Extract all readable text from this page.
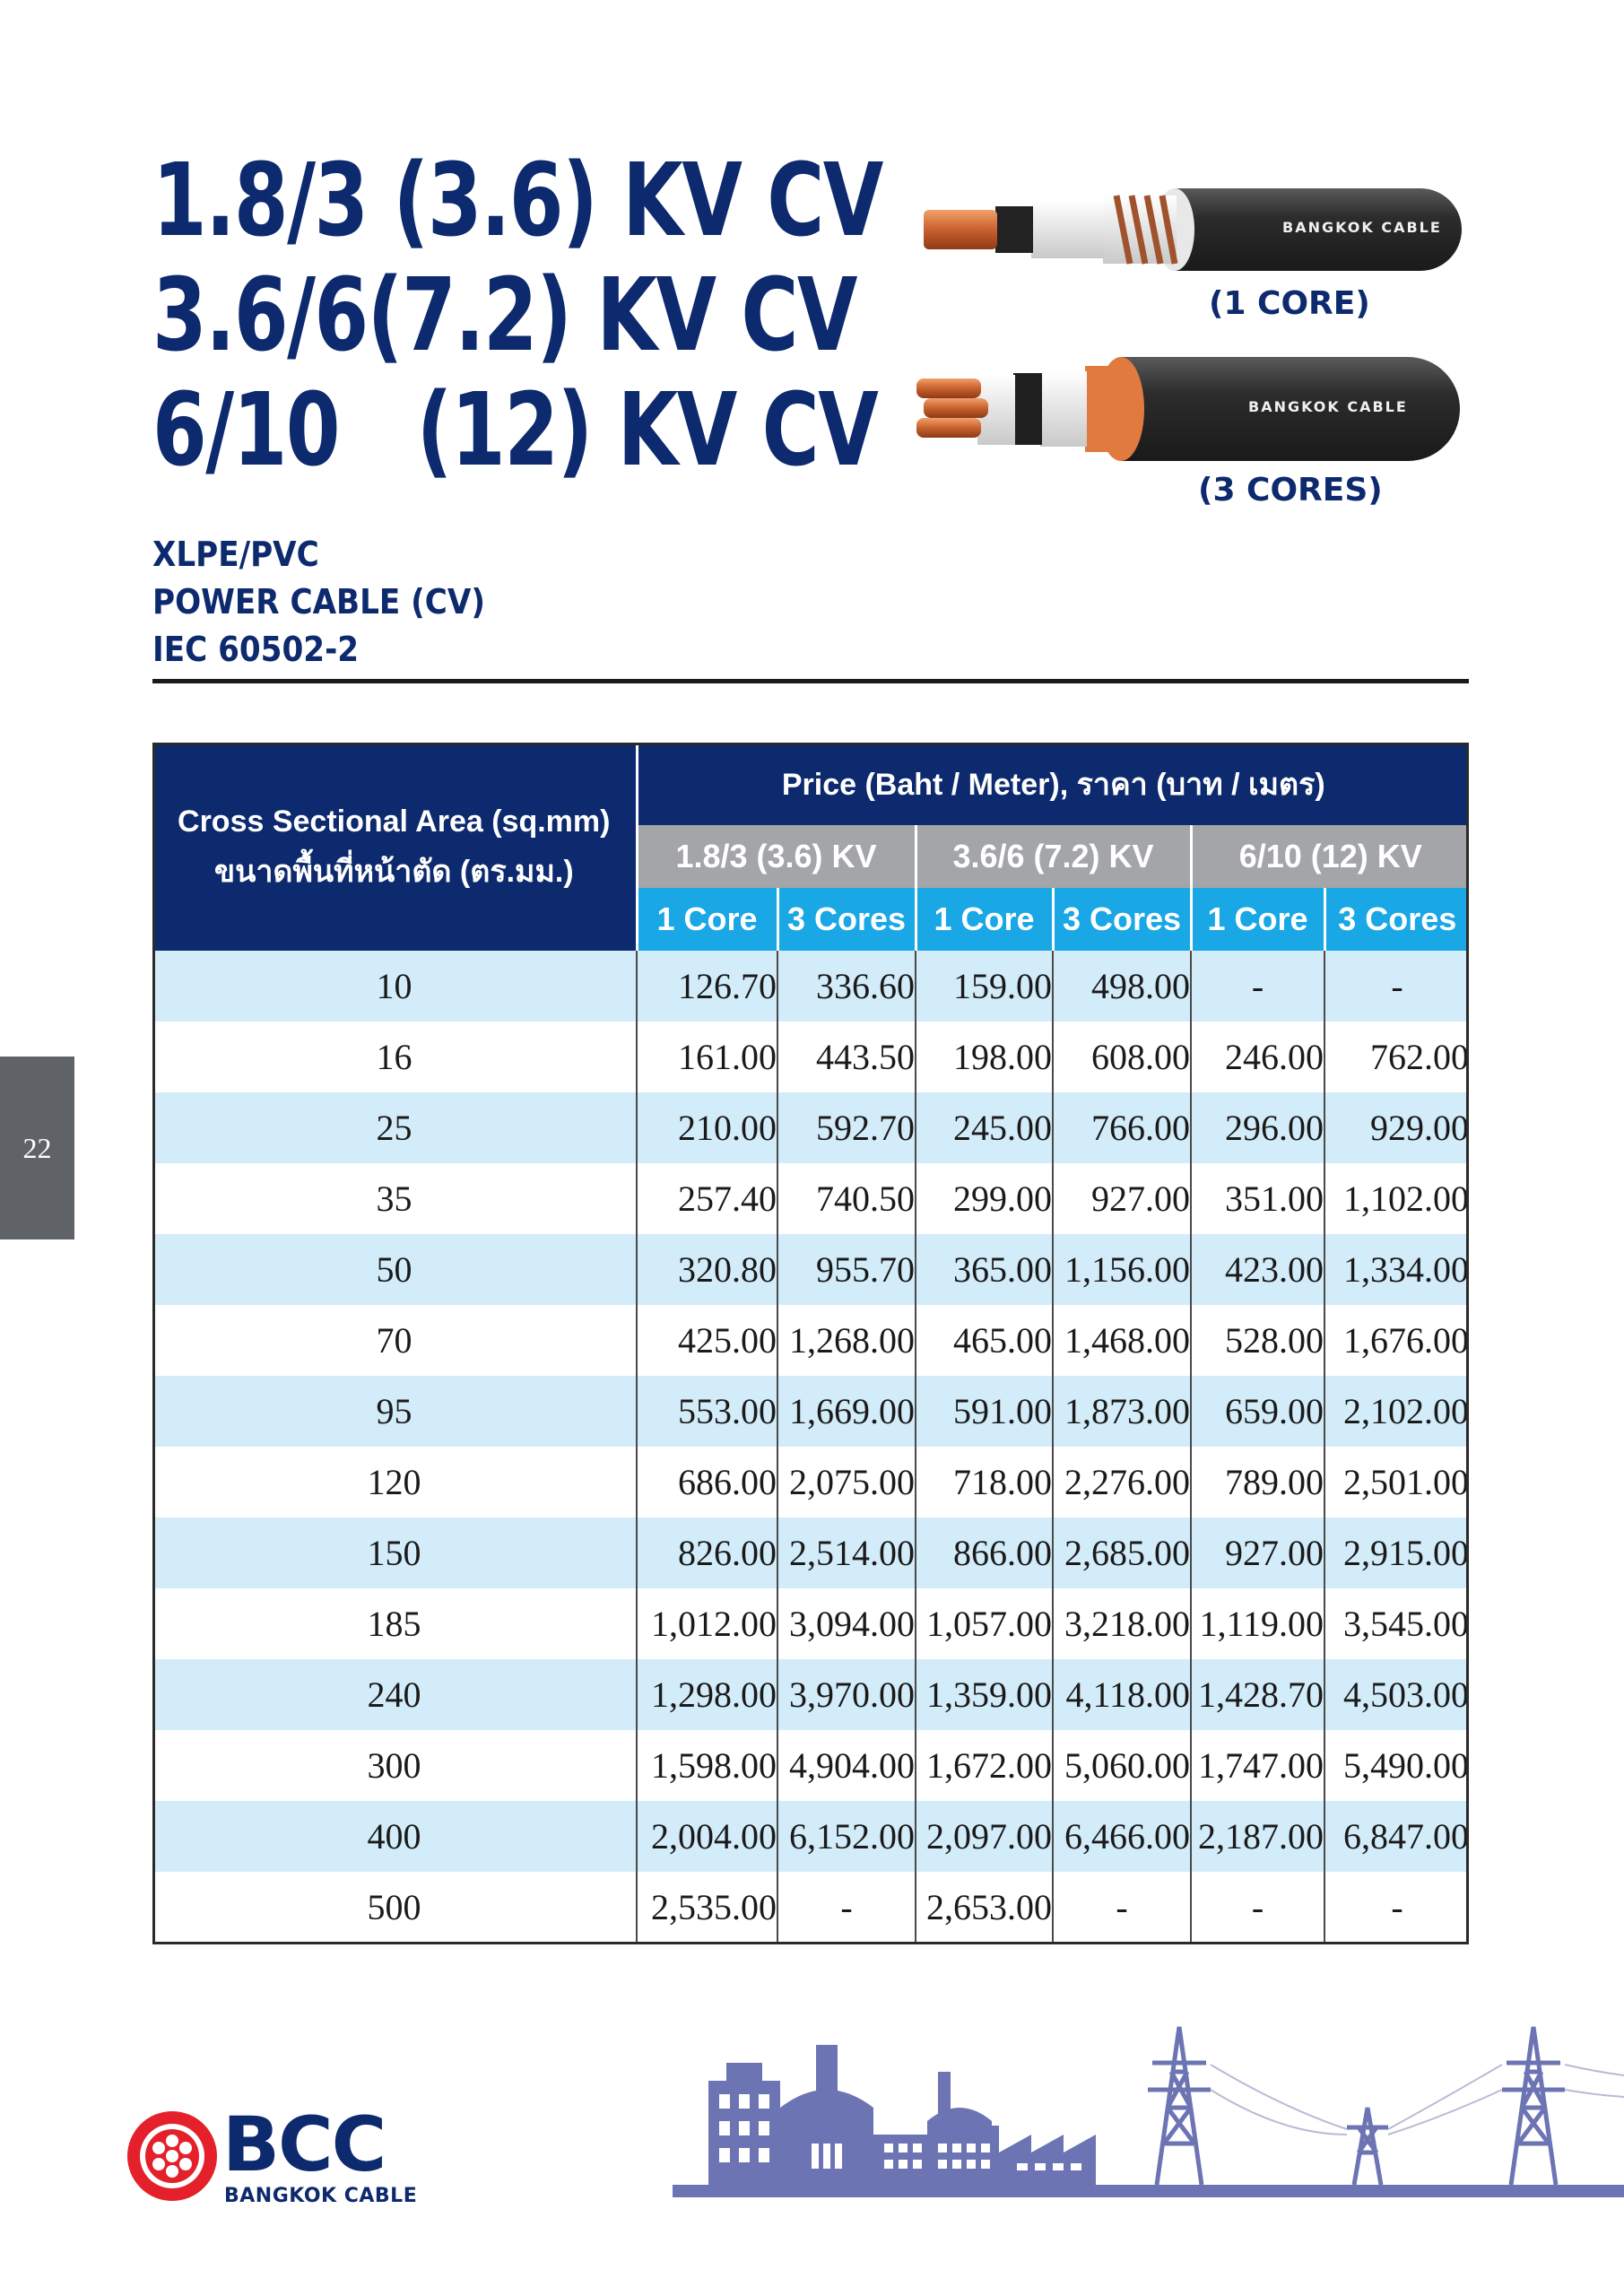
1.8/3 (3.6) KV CV
3.6/6(7.2) KV CV
6/10 (12) KV CV
XLPE/PVC
POWER CABLE (CV)
IEC 60502-2
BANGKOK CABLE
(1 CORE)
BANGKOK CABLE
(3 CORES)
Cross Sectional Area (sq.mm)
ขนาดพื้นที่หน้าตัด (ตร.มม.)	Price (Baht / Meter), ราคา (บาท / เมตร)					
	1.8/3 (3.6) KV		3.6/6 (7.2) KV		6/10 (12) KV	
	1 Core	3 Cores	1 Core	3 Cores	1 Core	3 Cores
10	126.70	336.60	159.00	498.00	-	-
16	161.00	443.50	198.00	608.00	246.00	762.00
25	210.00	592.70	245.00	766.00	296.00	929.00
35	257.40	740.50	299.00	927.00	351.00	1,102.00
50	320.80	955.70	365.00	1,156.00	423.00	1,334.00
70	425.00	1,268.00	465.00	1,468.00	528.00	1,676.00
95	553.00	1,669.00	591.00	1,873.00	659.00	2,102.00
120	686.00	2,075.00	718.00	2,276.00	789.00	2,501.00
150	826.00	2,514.00	866.00	2,685.00	927.00	2,915.00
185	1,012.00	3,094.00	1,057.00	3,218.00	1,119.00	3,545.00
240	1,298.00	3,970.00	1,359.00	4,118.00	1,428.70	4,503.00
300	1,598.00	4,904.00	1,672.00	5,060.00	1,747.00	5,490.00
400	2,004.00	6,152.00	2,097.00	6,466.00	2,187.00	6,847.00
500	2,535.00	-	2,653.00	-	-	-
22
BCC
BANGKOK CABLE
